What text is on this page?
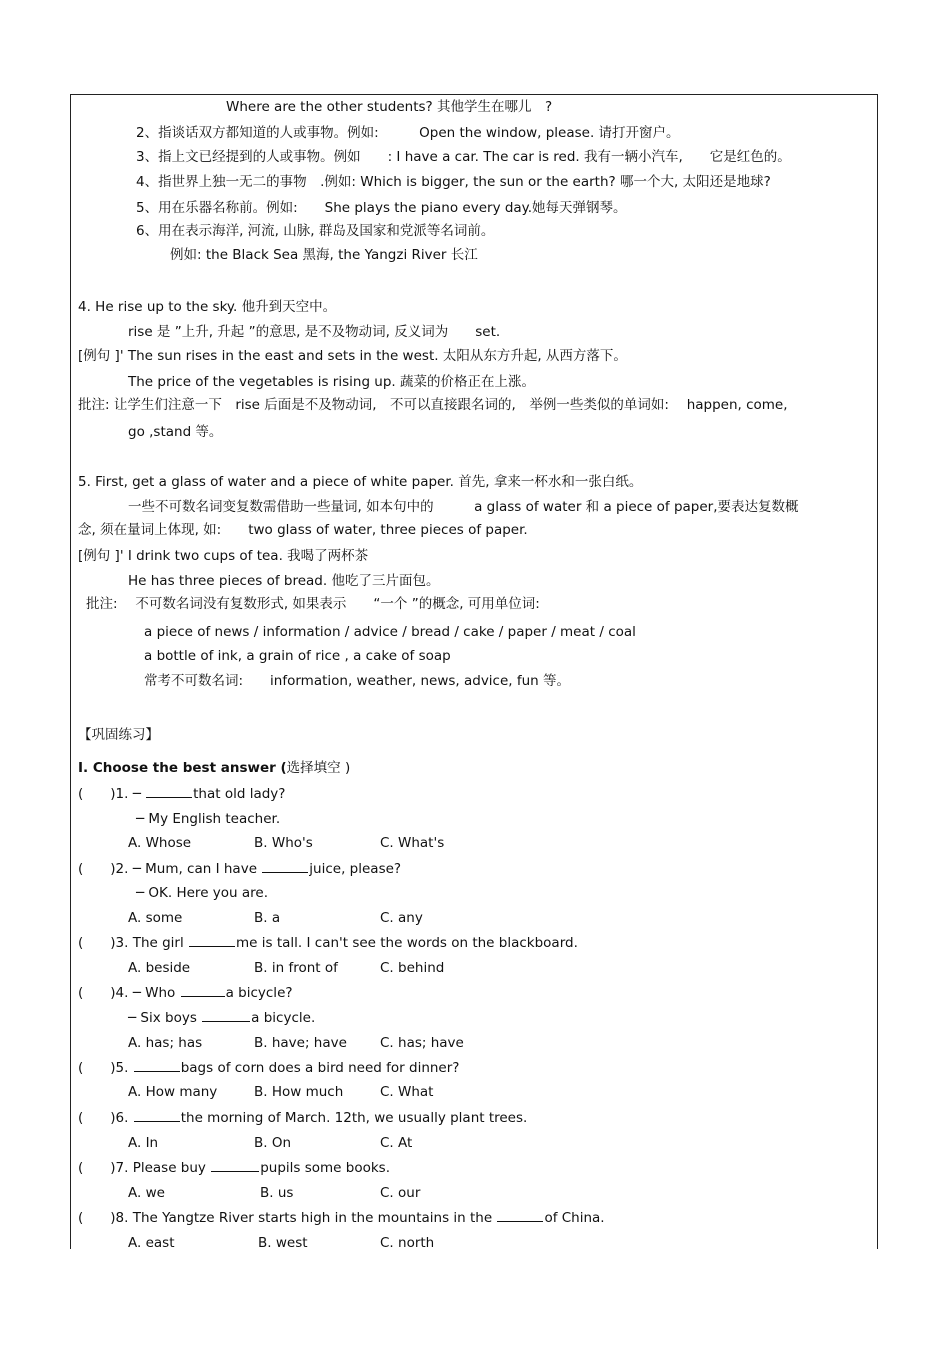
Where are the other students? 其他学生在哪儿　?
2、指谈话双方都知道的人或事物。例如:　　　Open the window, please. 请打开窗户。
3、指上文已经提到的人或事物。例如　　: I have a car. The car is red. 我有一辆小汽车,　　它是红色的。
4、指世界上独一无二的事物　.例如: Which is bigger, the sun or the earth? 哪一个大, 太阳还是地球?
5、用在乐器名称前。例如:　　She plays the piano every day.她每天弹钢琴。
6、用在表示海洋, 河流, 山脉, 群岛及国家和党派等名词前。
例如: the Black Sea 黑海, the Yangzi River 长江
4. He rise up to the sky. 他升到天空中。
rise 是 ”上升, 升起 ”的意思, 是不及物动词, 反义词为　　set.
[例句 ]' The sun rises in the east and sets in the west. 太阳从东方升起, 从西方落下。
The price of the vegetables is rising up. 蔬菜的价格正在上涨。
批注: 让学生们注意一下　rise 后面是不及物动词,　不可以直接跟名词的,　举例一些类似的单词如:　 happen, come,
go ,stand 等。
5. First, get a glass of water and a piece of white paper. 首先, 拿来一杯水和一张白纸。
一些不可数名词变复数需借助一些量词, 如本句中的　　　a glass of water 和 a piece of paper,要表达复数概
念, 须在量词上体现, 如:　　two glass of water, three pieces of paper.
[例句 ]' I drink two cups of tea. 我喝了两杯茶
He has three pieces of bread. 他吃了三片面包。
批注:　 不可数名词没有复数形式, 如果表示　　“一个 ”的概念, 可用单位词:
a piece of news / information / advice / bread / cake / paper / meat / coal
a bottle of ink, a grain of rice , a cake of soap
常考不可数名词:　　information, weather, news, advice, fun 等。
【巩固练习】
I. Choose the best answer (选择填空 )
(　　)1. ─	that old lady?
─ My English teacher.
A. Whose	B. Who's	C. What's
(　　)2. ─ Mum, can I have	juice, please?
─ OK. Here you are.
A. some	B. a	C. any
(　　)3. The girl	me is tall. I can't see the words on the blackboard.
A. beside	B. in front of	C. behind
(　　)4. ─ Who	a bicycle?
─ Six boys	a bicycle.
A. has; has	B. have; have C. has; have
(　　)5.	bags of corn does a bird need for dinner?
A. How many	B. How much	C. What
(　　)6.	the morning of March. 12th, we usually plant trees.
A. In	B. On	C. At
(　　)7. Please buy	pupils some books.
A. we	B. us	C. our
(　　)8. The Yangtze River starts high in the mountains in the	of China.
A. east	B. west	C. north
